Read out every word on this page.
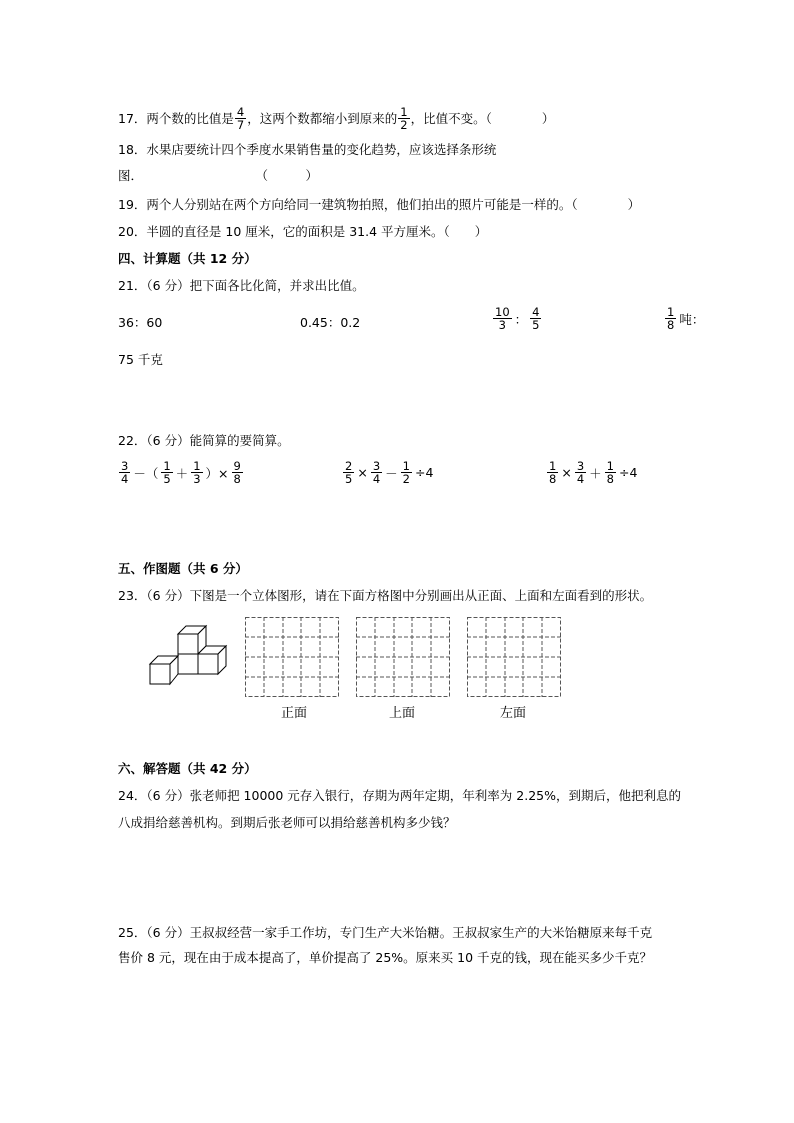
17．两个数的比值是 $\frac{4}{7}$ ，这两个数都缩小到原来的 $\frac{1}{2}$ ，比值不变。（　　　　）
18．水果店要统计四个季度水果销售量的变化趋势，应该选择条形统
图．　　　　　　　　　　（　　　）
19．两个人分别站在两个方向给同一建筑物拍照，他们拍出的照片可能是一样的。（　　　　）
20．半圆的直径是 10 厘米，它的面积是 31.4 平方厘米。（　　）
四、计算题（共 12 分）
21．（6 分）把下面各比化简，并求出比值。
36：60	0.45：0.2	$\frac{10}{3}$ ： $\frac{4}{5}$	$\frac{1}{8}$ 吨：
75 千克
22．（6 分）能简算的要简算。
$\frac{3}{4}$ －（ $\frac{1}{5} + \frac{1}{3}$ ）× $\frac{9}{8}$	$\frac{2}{5} \times \frac{3}{4} - \frac{1}{2} \div 4$	$\frac{1}{8} \times \frac{3}{4} + \frac{1}{8} \div 4$
五、作图题（共 6 分）
23．（6 分）下图是一个立体图形，请在下面方格图中分别画出从正面、上面和左面看到的形状。
正面	上面	左面
六、解答题（共 42 分）
24．（6 分）张老师把 10000 元存入银行，存期为两年定期，年利率为 2.25%，到期后，他把利息的
八成捐给慈善机构。到期后张老师可以捐给慈善机构多少钱？
25．（6 分）王叔叔经营一家手工作坊，专门生产大米饴糖。王叔叔家生产的大米饴糖原来每千克
售价 8 元，现在由于成本提高了，单价提高了 25%。原来买 10 千克的钱，现在能买多少千克？
